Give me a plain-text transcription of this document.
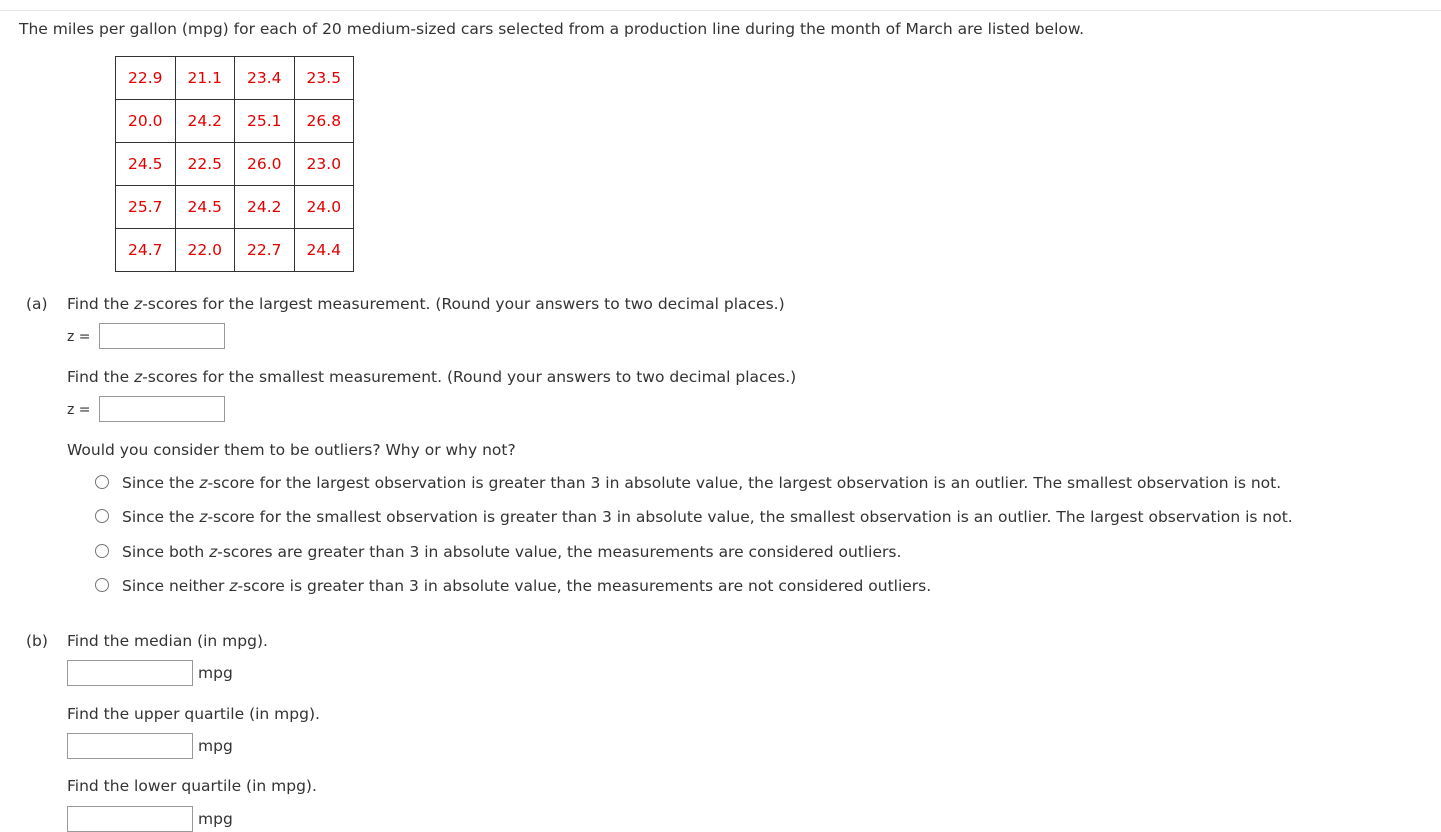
The miles per gallon (mpg) for each of 20 medium-sized cars selected from a production line during the month of March are listed below.
22.9	21.1	23.4	23.5
20.0	24.2	25.1	26.8
24.5	22.5	26.0	23.0
25.7	24.5	24.2	24.0
24.7	22.0	22.7	24.4
(a) Find the z-scores for the largest measurement. (Round your answers to two decimal places.)
z =
Find the z-scores for the smallest measurement. (Round your answers to two decimal places.)
z =
Would you consider them to be outliers? Why or why not?
Since the z-score for the largest observation is greater than 3 in absolute value, the largest observation is an outlier. The smallest observation is not.
Since the z-score for the smallest observation is greater than 3 in absolute value, the smallest observation is an outlier. The largest observation is not.
Since both z-scores are greater than 3 in absolute value, the measurements are considered outliers.
Since neither z-score is greater than 3 in absolute value, the measurements are not considered outliers.
(b) Find the median (in mpg).
mpg
Find the upper quartile (in mpg).
mpg
Find the lower quartile (in mpg).
mpg
